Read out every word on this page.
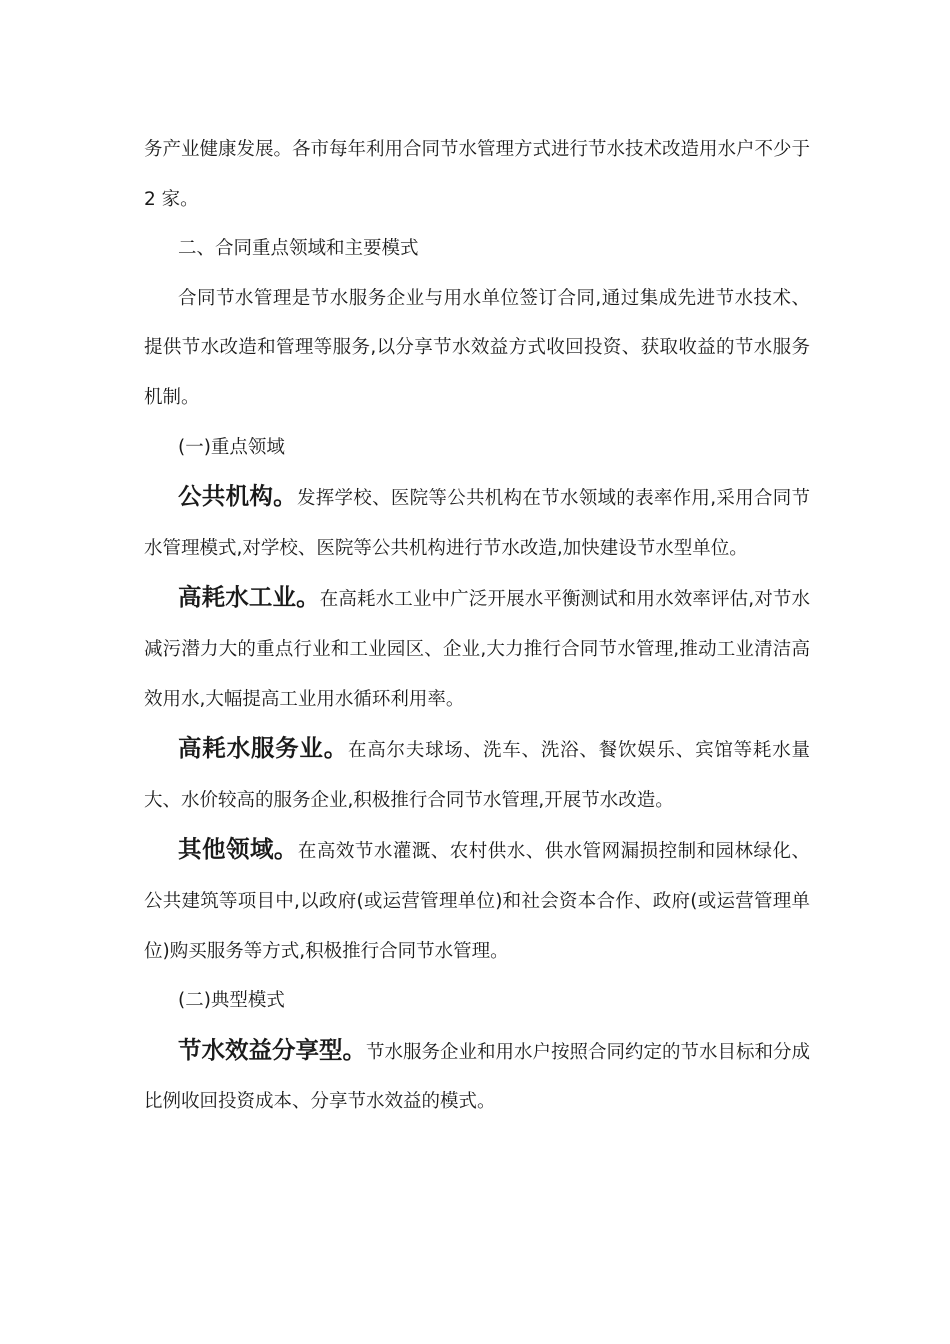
务产业健康发展。各市每年利用合同节水管理方式进行节水技术改造用水户不少于 2 家。

二、合同重点领域和主要模式

合同节水管理是节水服务企业与用水单位签订合同,通过集成先进节水技术、提供节水改造和管理等服务,以分享节水效益方式收回投资、获取收益的节水服务机制。

(一)重点领域

公共机构。发挥学校、医院等公共机构在节水领域的表率作用,采用合同节水管理模式,对学校、医院等公共机构进行节水改造,加快建设节水型单位。

高耗水工业。在高耗水工业中广泛开展水平衡测试和用水效率评估,对节水减污潜力大的重点行业和工业园区、企业,大力推行合同节水管理,推动工业清洁高效用水,大幅提高工业用水循环利用率。

高耗水服务业。在高尔夫球场、洗车、洗浴、餐饮娱乐、宾馆等耗水量大、水价较高的服务企业,积极推行合同节水管理,开展节水改造。

其他领域。在高效节水灌溉、农村供水、供水管网漏损控制和园林绿化、公共建筑等项目中,以政府(或运营管理单位)和社会资本合作、政府(或运营管理单位)购买服务等方式,积极推行合同节水管理。

(二)典型模式

节水效益分享型。节水服务企业和用水户按照合同约定的节水目标和分成比例收回投资成本、分享节水效益的模式。
